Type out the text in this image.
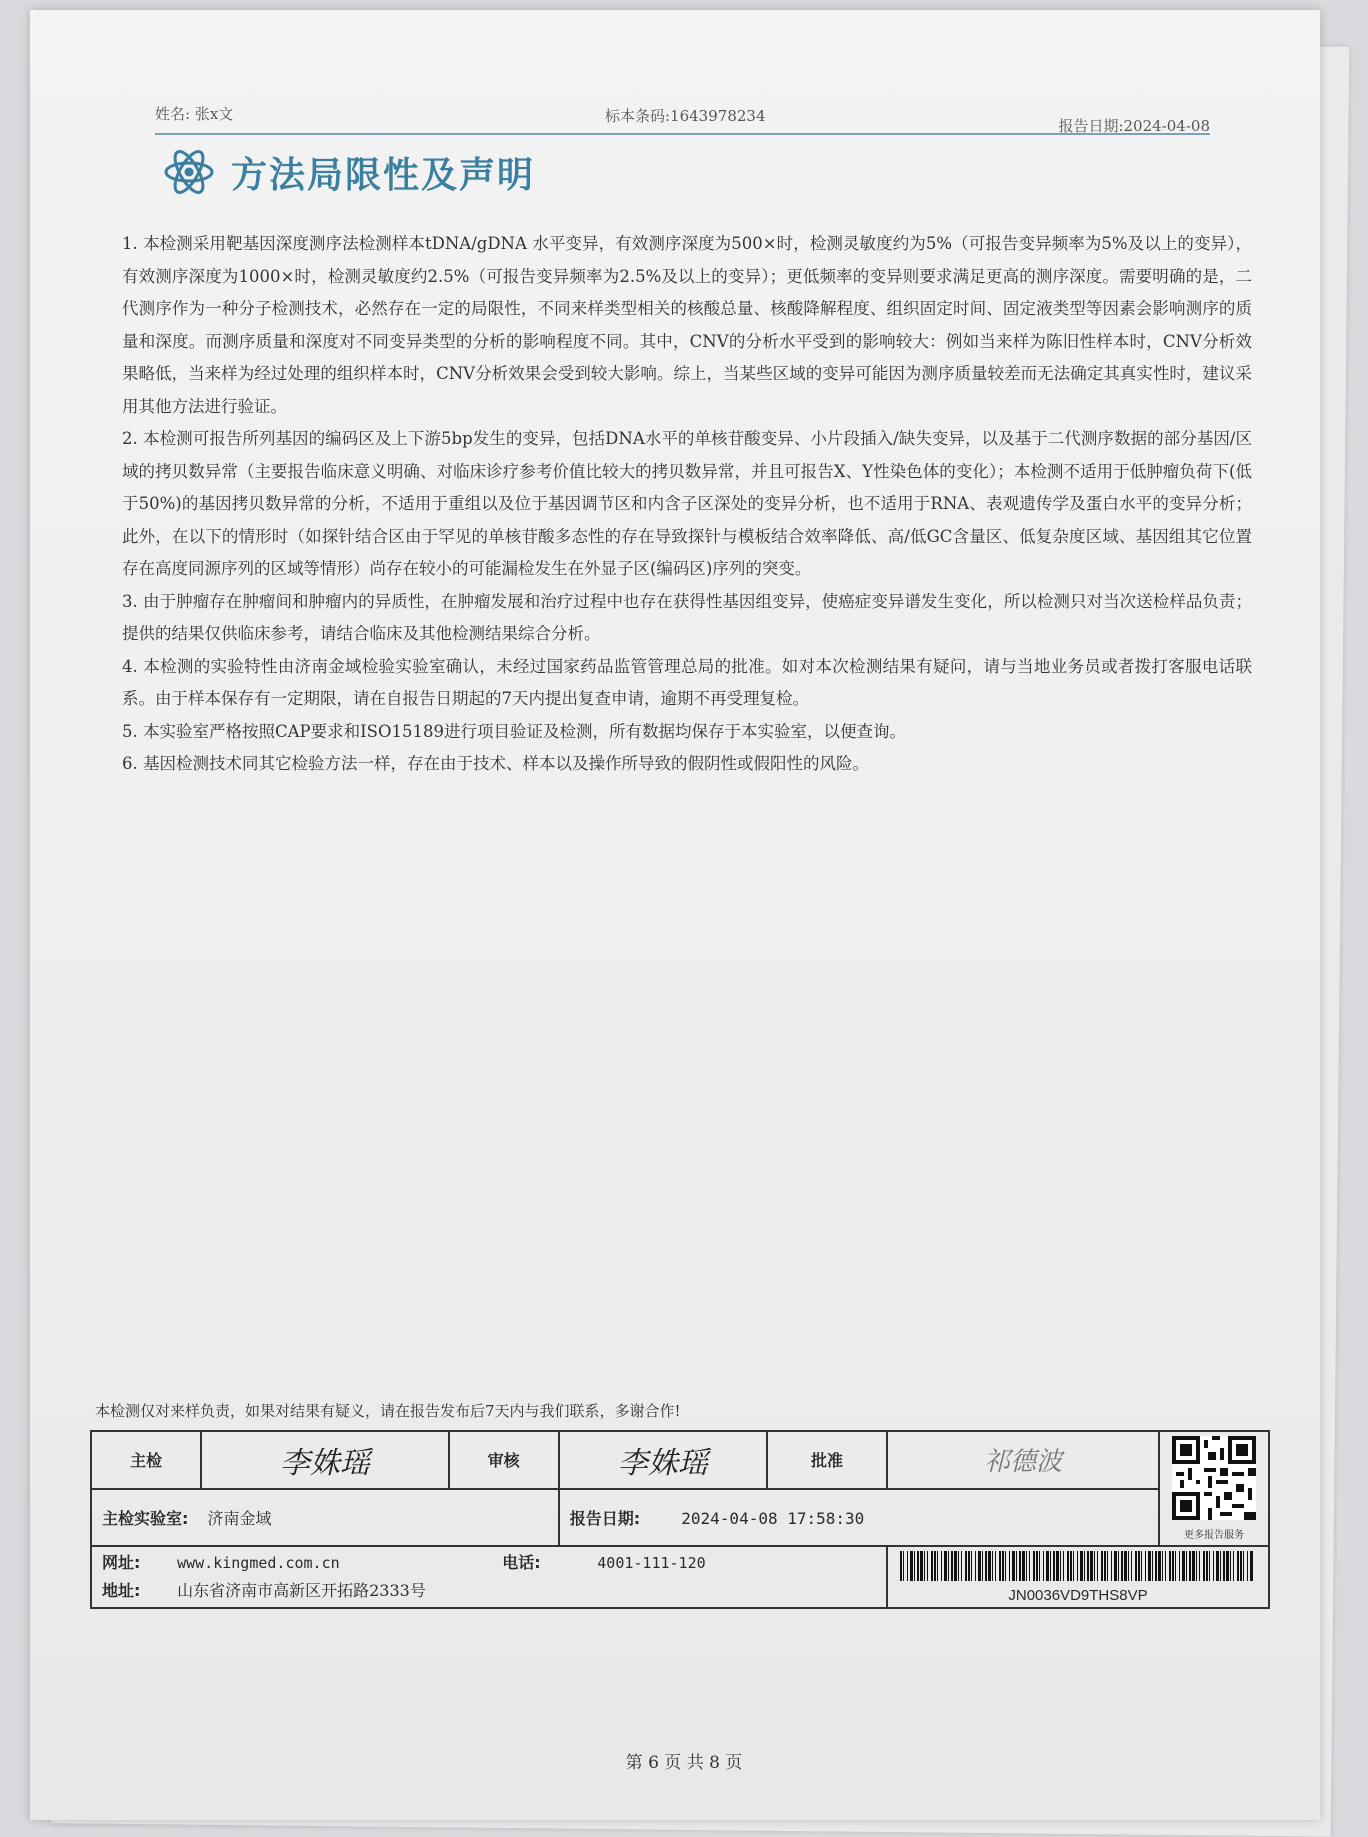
姓名: 张ⅹ文	标本条码:1643978234
报告日期:2024-04-08
方法局限性及声明

1. 本检测采用靶基因深度测序法检测样本tDNA/gDNA 水平变异，有效测序深度为500×时，检测灵敏度约为5%（可报告变异频率为5%及以上的变异），有效测序深度为1000×时，检测灵敏度约2.5%（可报告变异频率为2.5%及以上的变异）；更低频率的变异则要求满足更高的测序深度。需要明确的是，二代测序作为一种分子检测技术，必然存在一定的局限性，不同来样类型相关的核酸总量、核酸降解程度、组织固定时间、固定液类型等因素会影响测序的质量和深度。而测序质量和深度对不同变异类型的分析的影响程度不同。其中，CNV的分析水平受到的影响较大：例如当来样为陈旧性样本时，CNV分析效果略低，当来样为经过处理的组织样本时，CNV分析效果会受到较大影响。综上，当某些区域的变异可能因为测序质量较差而无法确定其真实性时，建议采用其他方法进行验证。

2. 本检测可报告所列基因的编码区及上下游5bp发生的变异，包括DNA水平的单核苷酸变异、小片段插入/缺失变异，以及基于二代测序数据的部分基因/区域的拷贝数异常（主要报告临床意义明确、对临床诊疗参考价值比较大的拷贝数异常，并且可报告X、Y性染色体的变化）；本检测不适用于低肿瘤负荷下(低于50%)的基因拷贝数异常的分析，不适用于重组以及位于基因调节区和内含子区深处的变异分析，也不适用于RNA、表观遗传学及蛋白水平的变异分析；此外，在以下的情形时（如探针结合区由于罕见的单核苷酸多态性的存在导致探针与模板结合效率降低、高/低GC含量区、低复杂度区域、基因组其它位置存在高度同源序列的区域等情形）尚存在较小的可能漏检发生在外显子区(编码区)序列的突变。

3. 由于肿瘤存在肿瘤间和肿瘤内的异质性，在肿瘤发展和治疗过程中也存在获得性基因组变异，使癌症变异谱发生变化，所以检测只对当次送检样品负责；提供的结果仅供临床参考，请结合临床及其他检测结果综合分析。

4. 本检测的实验特性由济南金域检验实验室确认，未经过国家药品监管管理总局的批准。如对本次检测结果有疑问，请与当地业务员或者拨打客服电话联系。由于样本保存有一定期限，请在自报告日期起的7天内提出复查申请，逾期不再受理复检。

5. 本实验室严格按照CAP要求和ISO15189进行项目验证及检测，所有数据均保存于本实验室，以便查询。

6. 基因检测技术同其它检验方法一样，存在由于技术、样本以及操作所导致的假阴性或假阳性的风险。

本检测仅对来样负责，如果对结果有疑义，请在报告发布后7天内与我们联系，多谢合作!
主检	李姝瑶	审核	李姝瑶	批准	祁德波	更多报告服务

主检实验室: 济南金域			报告日期: 2024-04-08 17:58:30			

网址: www.kingmed.com.cn 电话: 4001-111-120
地址: 山东省济南市高新区开拓路2333号					JN0036VD9THS8VP	
第 6 页 共 8 页
